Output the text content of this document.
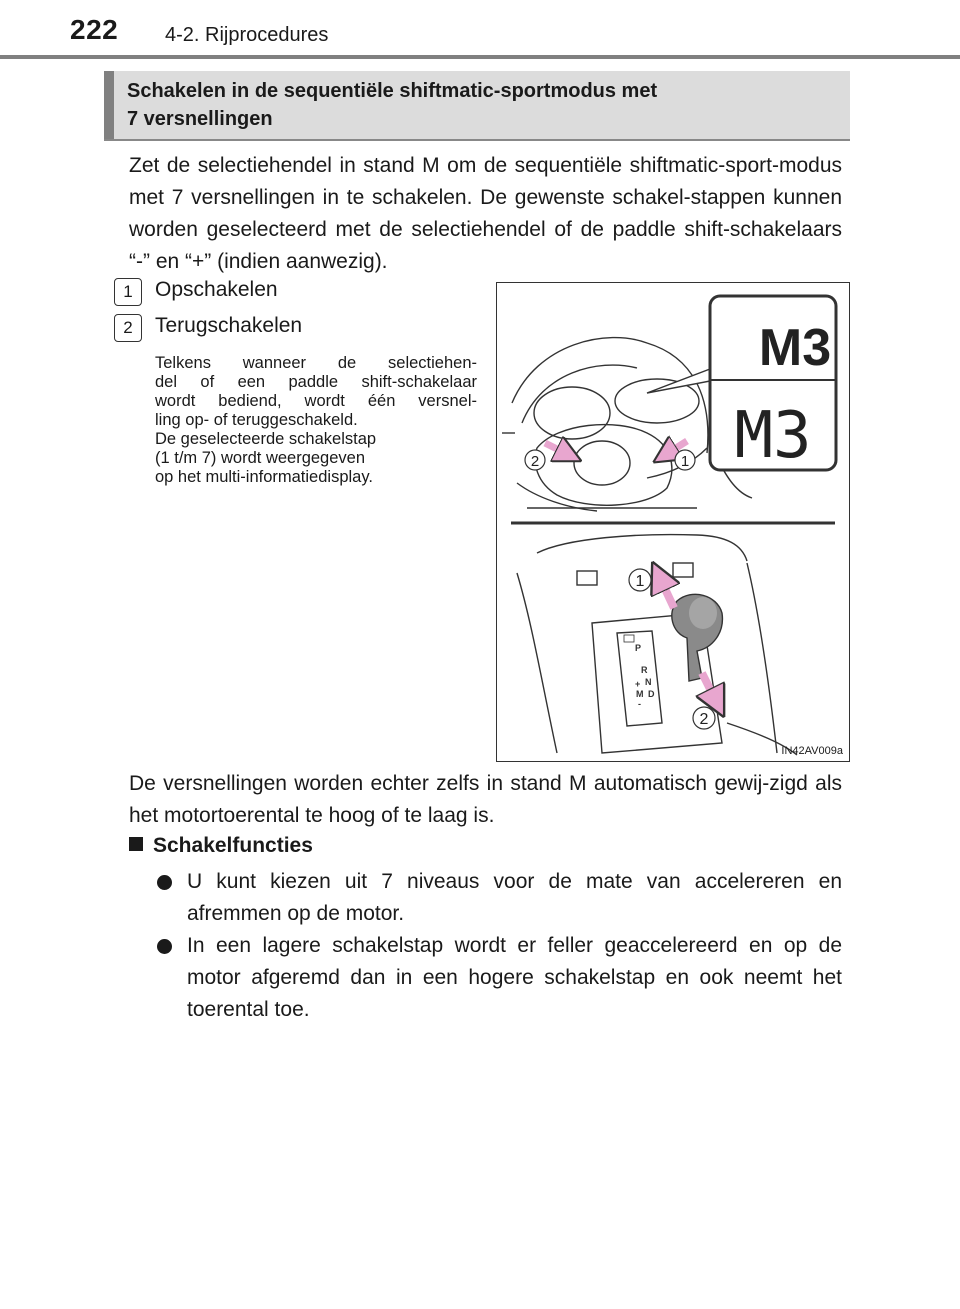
222 4-2. Rijprocedures
Schakelen in de sequentiële shiftmatic-sportmodus met
7 versnellingen
Zet de selectiehendel in stand M om de sequentiële shiftmatic-sport-modus met 7 versnellingen in te schakelen. De gewenste schakel-stappen kunnen worden geselecteerd met de selectiehendel of de paddle shift-schakelaars “-” en “+” (indien aanwezig).
1	Opschakelen
2	Terugschakelen
Telkens wanneer de selectiehen-
del of een paddle shift-schakelaar
wordt bediend, wordt één versnel-
ling op- of teruggeschakeld.
De geselecteerde schakelstap
(1 t/m 7) wordt weergegeven
op het multi-informatiedisplay.
M3
M3
2	1
P
R
N
D
+
M
-
1
2
IN42AV009a
De versnellingen worden echter zelfs in stand M automatisch gewij-zigd als het motortoerental te hoog of te laag is.
Schakelfuncties
U kunt kiezen uit 7 niveaus voor de mate van accelereren en afremmen op de motor.
In een lagere schakelstap wordt er feller geaccelereerd en op de motor afgeremd dan in een hogere schakelstap en ook neemt het toerental toe.
